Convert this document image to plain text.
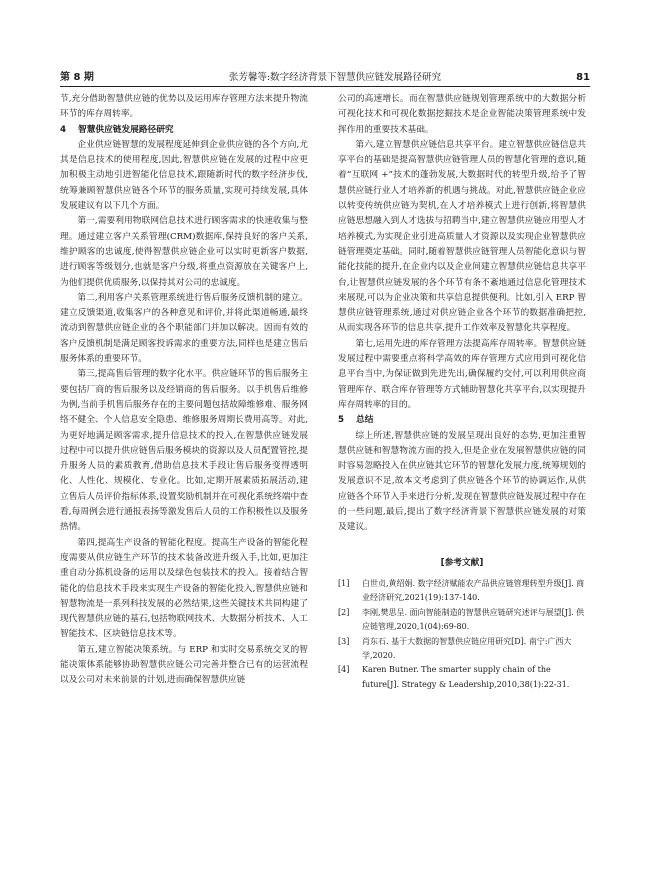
第 8 期	张芳馨等:数字经济背景下智慧供应链发展路径研究	81

节,充分借助智慧供应链的优势以及运用库存管理方法来提升物流环节的库存周转率。

4 智慧供应链发展路径研究

企业供应链智慧的发展程度延伸到企业供应链的各个方向,尤其是信息技术的使用程度,因此,智慧供应链在发展的过程中应更加积极主动地引进智能化信息技术,跟随新时代的数字经济步伐,统筹兼顾智慧供应链各个环节的服务质量,实现可持续发展,具体发展建议有以下几个方面。

第一,需要利用物联网信息技术进行顾客需求的快速收集与整理。通过建立客户关系管理(CRM)数据库,保持良好的客户关系,维护顾客的忠诚度,使得智慧供应链企业可以实时更新客户数据,进行顾客等级划分,也就是客户分级,将重点资源放在关键客户上,为他们提供优质服务,以保持其对公司的忠诚度。

第二,利用客户关系管理系统进行售后服务反馈机制的建立。建立反馈渠道,收集客户的各种意见和评价,并将此渠道畅通,最终流动到智慧供应链企业的各个职能部门并加以解决。因而有效的客户反馈机制是满足顾客投诉需求的重要方法,同样也是建立售后服务体系的重要环节。

第三,提高售后管理的数字化水平。供应链环节的售后服务主要包括厂商的售后服务以及经销商的售后服务。以手机售后维修为例,当前手机售后服务存在的主要问题包括故障维修难、服务网络不健全、个人信息安全隐患、维修服务周期长费用高等。对此,为更好地满足顾客需求,提升信息技术的投入,在智慧供应链发展过程中可以提升供应链售后服务模块的资源以及人员配置管控,提升服务人员的素质教育,借助信息技术手段让售后服务变得透明化、人性化、规模化、专业化。比如,定期开展素质拓展活动,建立售后人员评价指标体系,设置奖励机制并在可视化系统终端中查看,每周例会进行通报表扬等激发售后人员的工作积极性以及服务热情。

第四,提高生产设备的智能化程度。提高生产设备的智能化程度需要从供应链生产环节的技术装备改进升级入手,比如,更加注重自动分拣机设备的运用以及绿色包装技术的投入。接着结合智能化的信息技术手段来实现生产设备的智能化投入,智慧供应链和智慧物流是一系列科技发展的必然结果,这些关键技术共同构建了现代智慧供应链的基石,包括物联网技术、大数据分析技术、人工智能技术、区块链信息技术等。

第五,建立智能决策系统。与 ERP 和实时交易系统交叉的智能决策体系能够协助智慧供应链公司完善并整合已有的运营流程以及公司对未来前景的计划,进而确保智慧供应链

公司的高速增长。而在智慧供应链规划管理系统中的大数据分析可视化技术和可视化数据挖掘技术是企业智能决策管理系统中发挥作用的重要技术基础。

第六,建立智慧供应链信息共享平台。建立智慧供应链信息共享平台的基础是提高智慧供应链管理人员的智慧化管理的意识,随着“互联网 +”技术的蓬勃发展,大数据时代的转型升级,给予了智慧供应链行业人才培养新的机遇与挑战。对此,智慧供应链企业应以转变传统供应链为契机,在人才培养模式上进行创新,将智慧供应链思想融入到人才选拔与招聘当中,建立智慧供应链应用型人才培养模式,为实现企业引进高质量人才资源以及实现企业智慧供应链管理奠定基础。同时,随着智慧供应链管理人员智能化意识与智能化技能的提升,在企业内以及企业间建立智慧供应链信息共享平台,让智慧供应链发展的各个环节有条不紊地通过信息化管理技术来展现,可以为企业决策和共享信息提供便利。比如,引入 ERP 智慧供应链管理系统,通过对供应链企业各个环节的数据准确把控,从而实现各环节的信息共享,提升工作效率及智慧化共享程度。

第七,运用先进的库存管理方法提高库存周转率。智慧供应链发展过程中需要重点将科学高效的库存管理方式应用到可视化信息平台当中,为保证做到先进先出,确保履约交付,可以利用供应商管理库存、联合库存管理等方式辅助智慧化共享平台,以实现提升库存周转率的目的。

5 总结

综上所述,智慧供应链的发展呈现出良好的态势,更加注重智慧供应链和智慧物流方面的投入,但是企业在发展智慧供应链的同时容易忽略投入在供应链其它环节的智慧化发展力度,统筹规划的发展意识不足,故本文考虑到了供应链各个环节的协调运作,从供应链各个环节入手来进行分析,发现在智慧供应链发展过程中存在的一些问题,最后,提出了数字经济背景下智慧供应链发展的对策及建议。

[参考文献]
[1]	白世贞,黄绍娟. 数字经济赋能农产品供应链管理转型升级[J]. 商业经济研究,2021(19):137-140.
[2]	李刚,樊思呈. 面向智能制造的智慧供应链研究述评与展望[J]. 供应链管理,2020,1(04):69-80.
[3]	肖东石. 基于大数据的智慧供应链应用研究[D]. 南宁:广西大学,2020.
[4]	Karen Butner. The smarter supply chain of the future[J]. Strategy & Leadership,2010,38(1):22-31.
